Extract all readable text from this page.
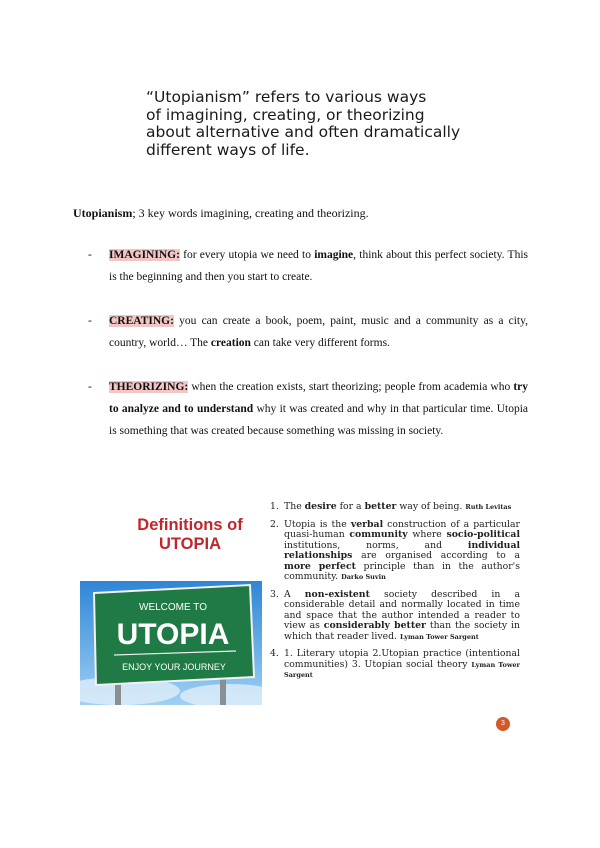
“Utopianism” refers to various ways
of imagining, creating, or theorizing
about alternative and often dramatically
different ways of life.

Utopianism; 3 key words imagining, creating and theorizing.

- IMAGINING: for every utopia we need to imagine, think about this perfect society. This is the beginning and then you start to create.
- CREATING: you can create a book, poem, paint, music and a community as a city, country, world… The creation can take very different forms.
- THEORIZING: when the creation exists, start theorizing; people from academia who try to analyze and to understand why it was created and why in that particular time. Utopia is something that was created because something was missing in society.
Definitions of
UTOPIA
WELCOME TO
UTOPIA
ENJOY YOUR JOURNEY
1. The desire for a better way of being. Ruth Levitas
2. Utopia is the verbal construction of a particular quasi-human community where socio-political institutions, norms, and individual relationships are organised according to a more perfect principle than in the author's community. Darko Suvin
3. A non-existent society described in a considerable detail and normally located in time and space that the author intended a reader to view as considerably better than the society in which that reader lived. Lyman Tower Sargent
4. 1. Literary utopia 2.Utopian practice (intentional communities) 3. Utopian social theory Lyman Tower Sargent
3
